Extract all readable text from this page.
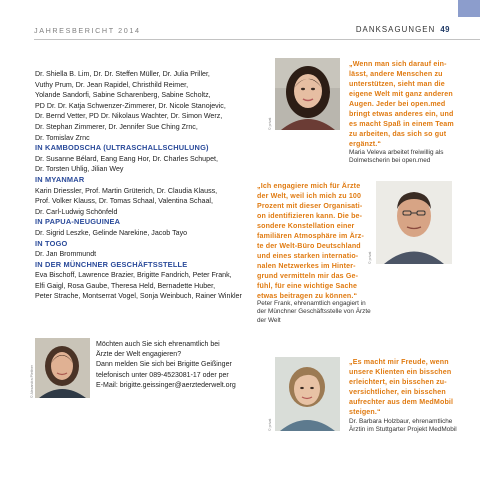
JAHRESBERICHT 2014	DANKSAGUNGEN 49

Dr. Shiella B. Lim, Dr. Dr. Steffen Müller, Dr. Julia Priller,

Vuthy Prum, Dr. Jean Rapidel, Christhild Reimer,

Yolande Sandorfi, Sabine Scharenberg, Sabine Scholtz,

PD Dr. Dr. Katja Schwenzer-Zimmerer, Dr. Nicole Stanojevic,

Dr. Bernd Vetter, PD Dr. Nikolaus Wachter, Dr. Simon Werz,

Dr. Stephan Zimmerer, Dr. Jennifer Sue Ching Zrnc,

Dr. Tomislav Zrnc

IN KAMBODSCHA (ULTRASCHALLSCHULUNG)

Dr. Susanne Bélard, Eang Eang Hor, Dr. Charles Schupet,

Dr. Torsten Uhlig, Jilian Wey

IN MYANMAR

Karin Driessler, Prof. Martin Grüterich, Dr. Claudia Klauss,

Prof. Volker Klauss, Dr. Tomas Schaal, Valentina Schaal,

Dr. Carl-Ludwig Schönfeld

IN PAPUA-NEUGUINEA

Dr. Sigrid Leszke, Gelinde Narekine, Jacob Tayo

IN TOGO

Dr. Jan Brommundt

IN DER MÜNCHNER GESCHÄFTSSTELLE

Eva Bischoff, Lawrence Brazier, Brigitte Fandrich, Peter Frank,

Elfi Gaigl, Rosa Gaube, Theresa Held, Bernadette Huber,

Peter Strache, Montserrat Vogel, Sonja Weinbuch, Rainer Winkler

© privat
„Wenn man sich darauf ein-
lässt, andere Menschen zu
unterstützen, sieht man die
eigene Welt mit ganz anderen
Augen. Jeder bei open.med
bringt etwas anderes ein, und
es macht Spaß in einem Team
zu arbeiten, das sich so gut
ergänzt.“
Maria Veleva arbeitet freiwillig als
Dolmetscherin bei open.med
„Ich engagiere mich für Ärzte
der Welt, weil ich mich zu 100
Prozent mit dieser Organisati-
on identifizieren kann. Die be-
sondere Konstellation einer
familiären Atmosphäre im Ärz-
te der Welt-Büro Deutschland
und eines starken internatio-
nalen Netzwerkes im Hinter-
grund vermitteln mir das Ge-
fühl, für eine wichtige Sache
etwas beitragen zu können.“
Peter Frank, ehrenamtlich engagiert in
der Münchner Geschäftsstelle von Ärzte
der Welt
© privat
© Alexandra Plettner
Möchten auch Sie sich ehrenamtlich bei
Ärzte der Welt engagieren?
Dann melden Sie sich bei Brigitte Geißinger
telefonisch unter 089-4523081-17 oder per
E-Mail: brigitte.geissinger@aerztederwelt.org
© privat
„Es macht mir Freude, wenn
unsere Klienten ein bisschen
erleichtert, ein bisschen zu-
versichtlicher, ein bisschen
aufrechter aus dem MedMobil
steigen.“
Dr. Barbara Holzbaur, ehrenamtliche
Ärztin im Stuttgarter Projekt MedMobil
